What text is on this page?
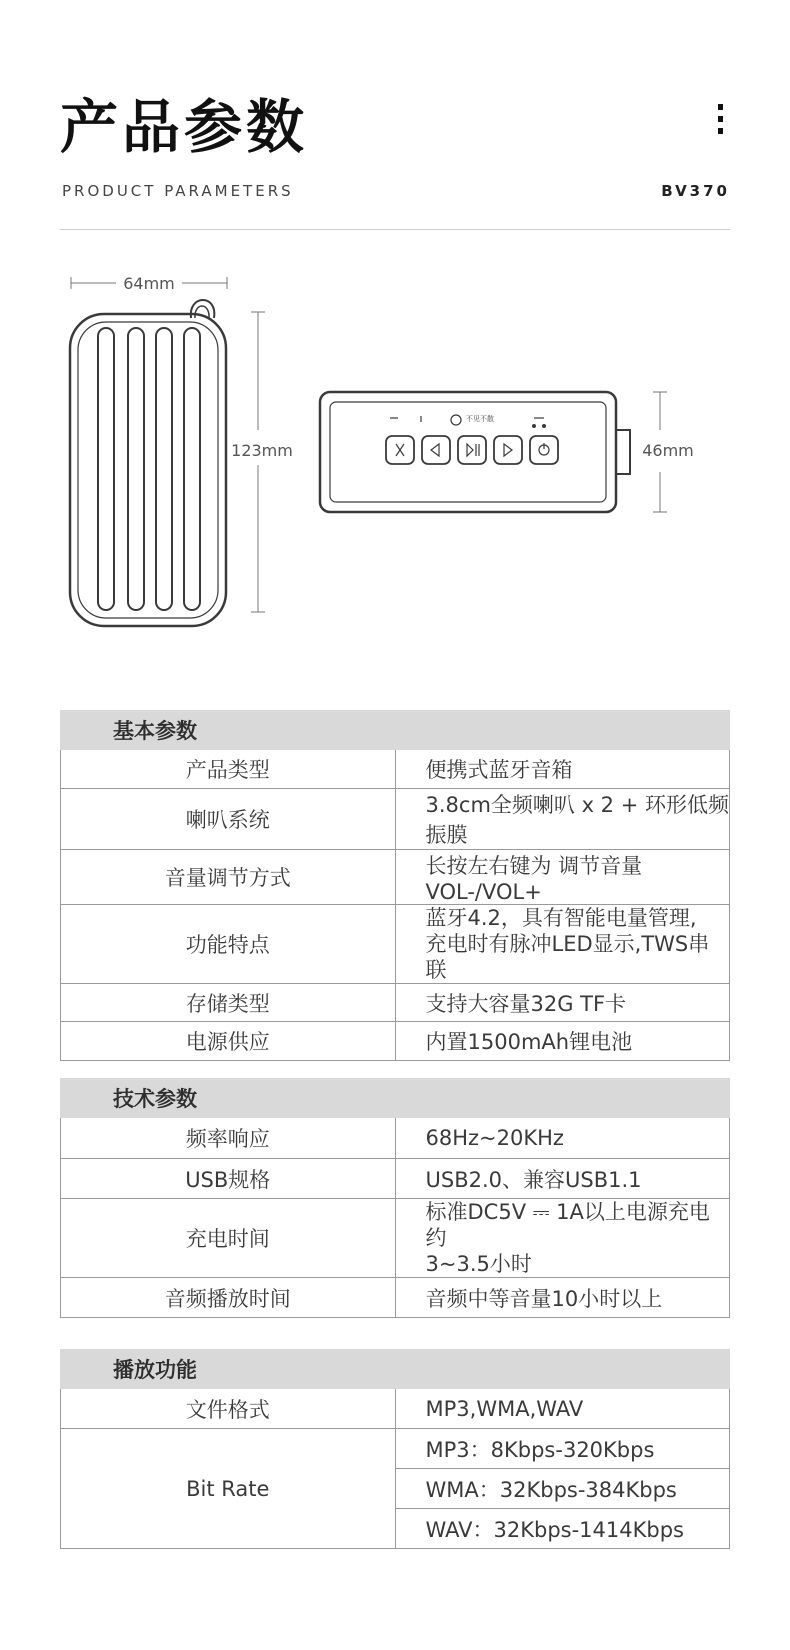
产品参数
PRODUCT PARAMETERS	BV370
64mm
123mm	46mm
不见不散
基本参数	
产品类型	便携式蓝牙音箱
喇叭系统	3.8cm全频喇叭 x 2 + 环形低频振膜
音量调节方式	长按左右键为 调节音量 VOL-/VOL+
功能特点	蓝牙4.2，具有智能电量管理,
充电时有脉冲LED显示,TWS串联

存储类型	支持大容量32G TF卡
电源供应	内置1500mAh锂电池
技术参数	
频率响应	68Hz~20KHz
USB规格	USB2.0、兼容USB1.1
充电时间	标准DC5V ⎓ 1A以上电源充电约
3~3.5小时

音频播放时间	音频中等音量10小时以上
播放功能	
文件格式	MP3,WMA,WAV
Bit Rate	MP3：8Kbps-320Kbps
	WMA：32Kbps-384Kbps
	WAV：32Kbps-1414Kbps
